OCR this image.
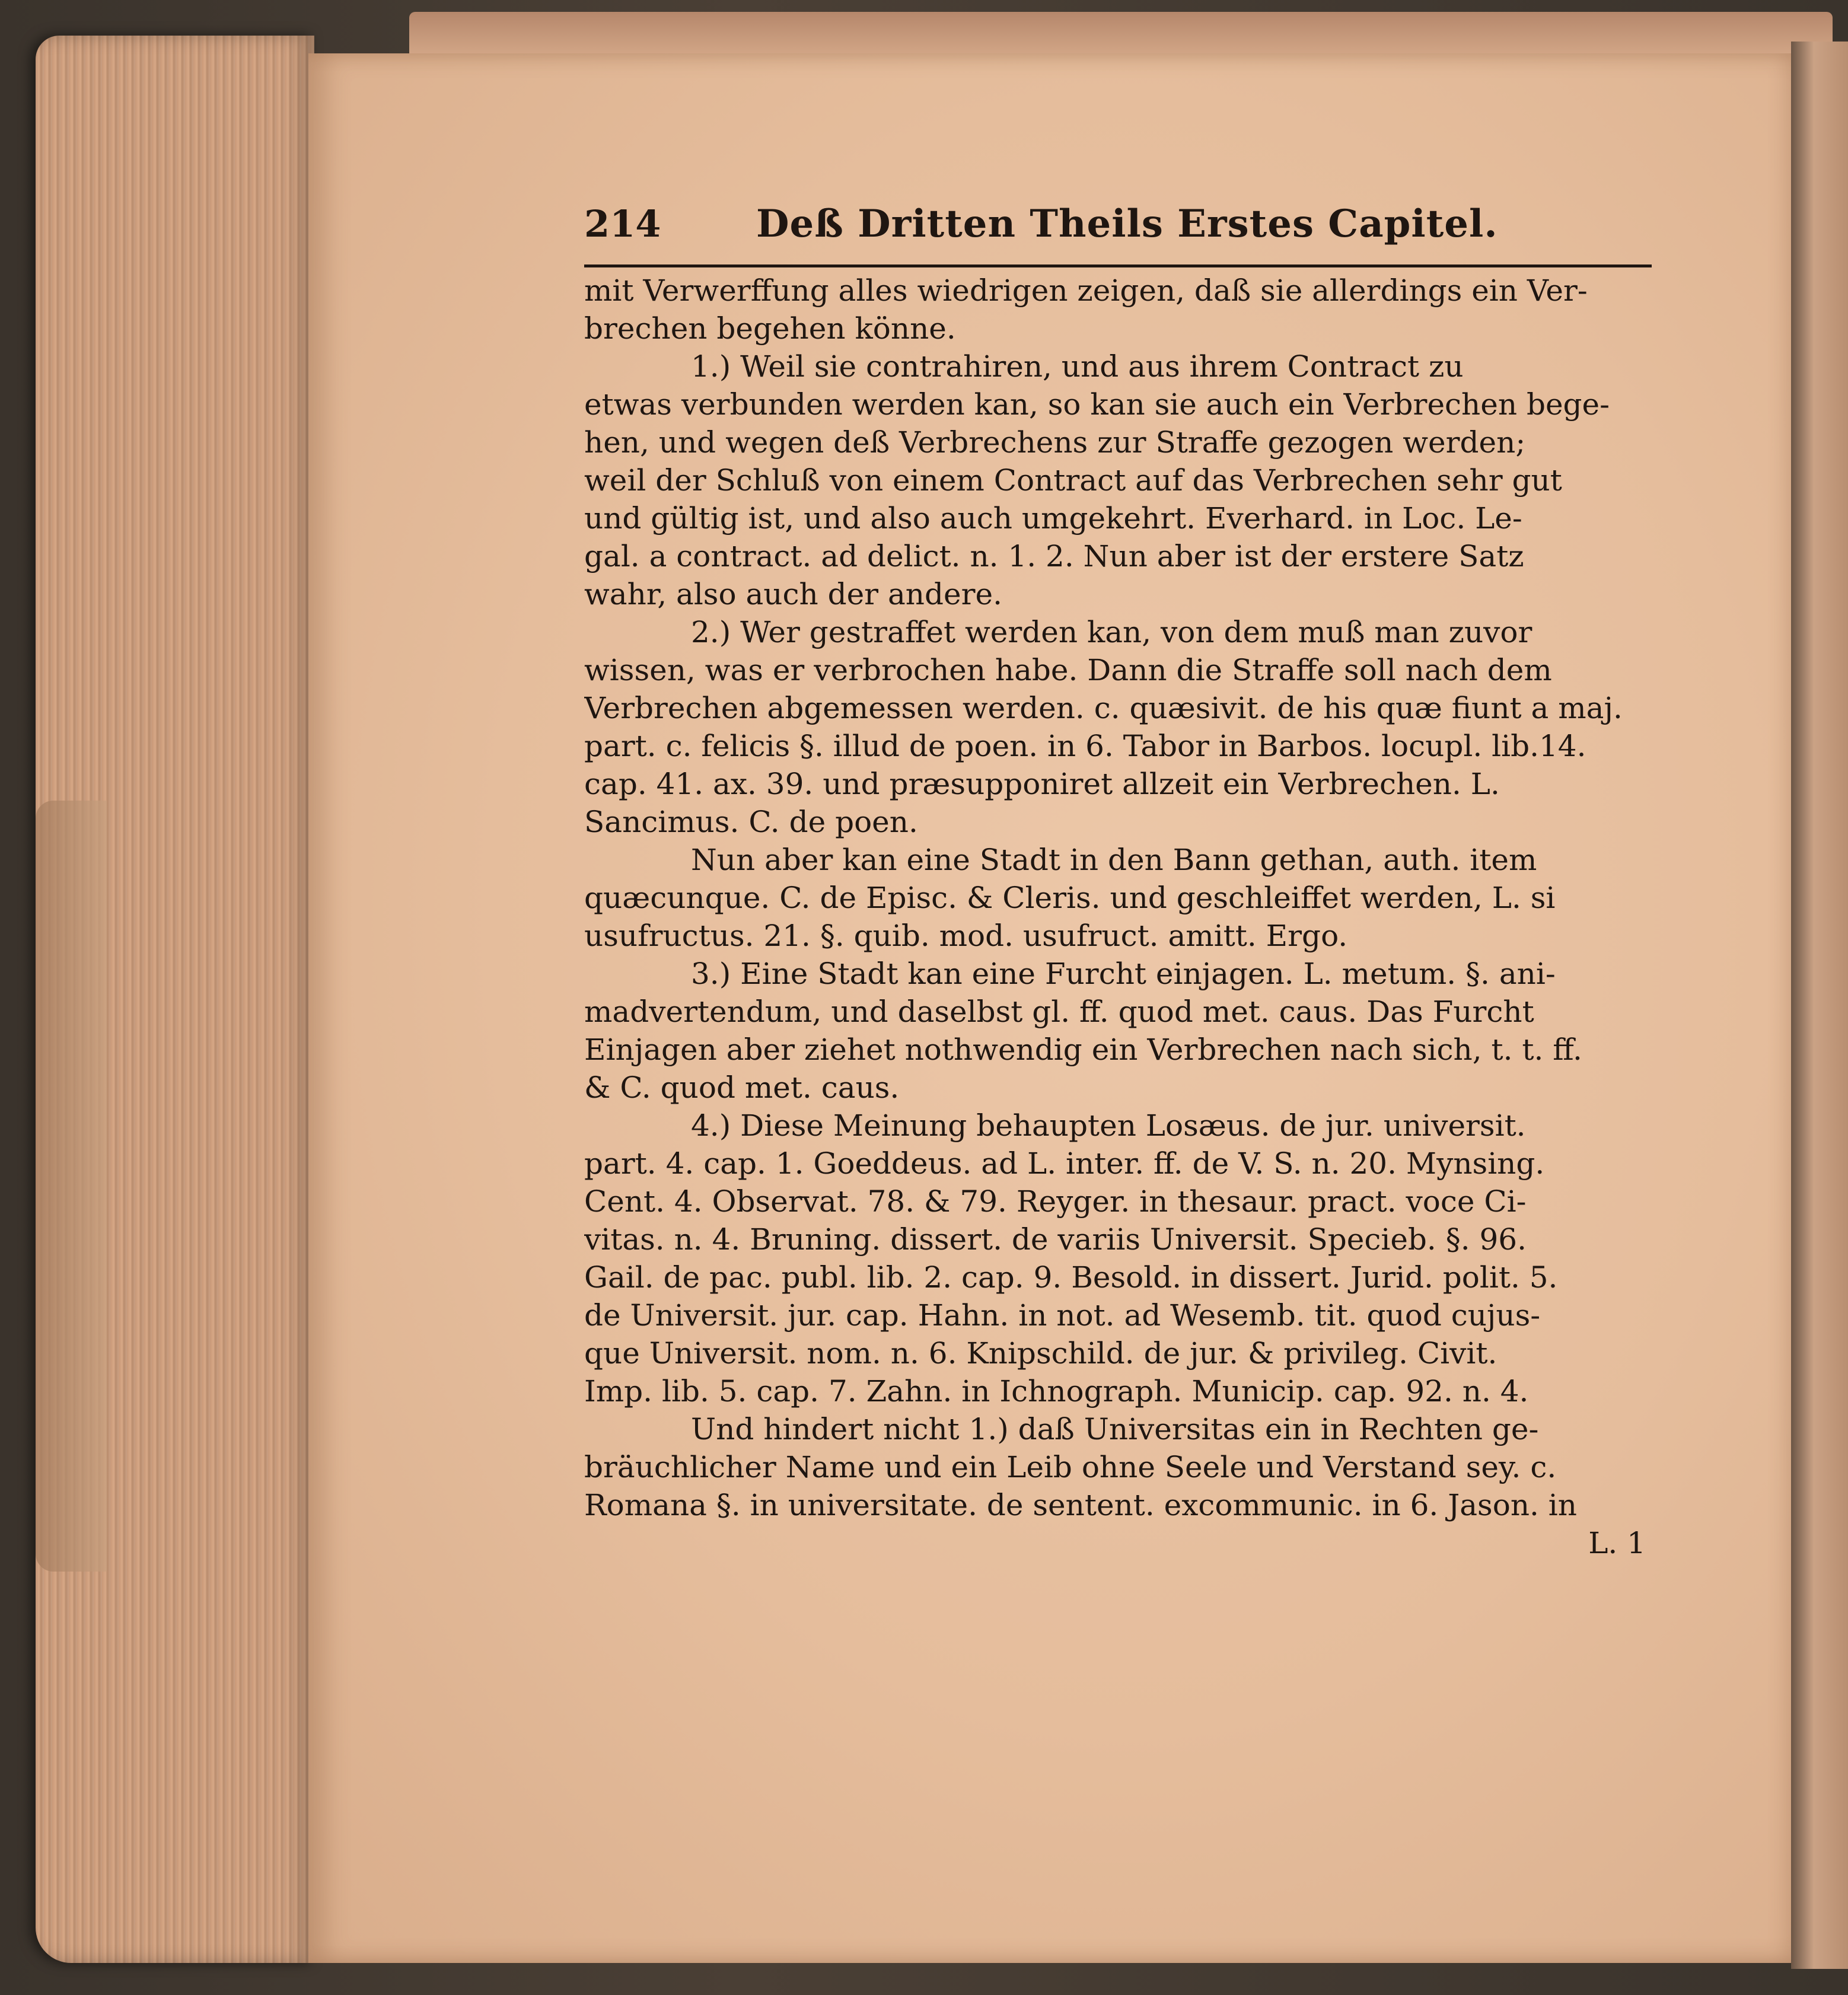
214	Deß Dritten Theils Erstes Capitel.
mit Verwerffung alles wiedrigen zeigen, daß sie allerdings ein Ver-
brechen begehen könne.
1.) Weil sie contrahiren, und aus ihrem Contract zu
etwas verbunden werden kan, so kan sie auch ein Verbrechen bege-
hen, und wegen deß Verbrechens zur Straffe gezogen werden;
weil der Schluß von einem Contract auf das Verbrechen sehr gut
und gültig ist, und also auch umgekehrt. Everhard. in Loc. Le-
gal. a contract. ad delict. n. 1. 2. Nun aber ist der erstere Satz
wahr, also auch der andere.
2.) Wer gestraffet werden kan, von dem muß man zuvor
wissen, was er verbrochen habe. Dann die Straffe soll nach dem
Verbrechen abgemessen werden. c. quæsivit. de his quæ fiunt a maj.
part. c. felicis §. illud de poen. in 6. Tabor in Barbos. locupl. lib.14.
cap. 41. ax. 39. und præsupponiret allzeit ein Verbrechen. L.
Sancimus. C. de poen.
Nun aber kan eine Stadt in den Bann gethan, auth. item
quæcunque. C. de Episc. & Cleris. und geschleiffet werden, L. si
usufructus. 21. §. quib. mod. usufruct. amitt. Ergo.
3.) Eine Stadt kan eine Furcht einjagen. L. metum. §. ani-
madvertendum, und daselbst gl. ff. quod met. caus. Das Furcht
Einjagen aber ziehet nothwendig ein Verbrechen nach sich, t. t. ff.
& C. quod met. caus.
4.) Diese Meinung behaupten Losæus. de jur. universit.
part. 4. cap. 1. Goeddeus. ad L. inter. ff. de V. S. n. 20. Mynsing.
Cent. 4. Observat. 78. & 79. Reyger. in thesaur. pract. voce Ci-
vitas. n. 4. Bruning. dissert. de variis Universit. Specieb. §. 96.
Gail. de pac. publ. lib. 2. cap. 9. Besold. in dissert. Jurid. polit. 5.
de Universit. jur. cap. Hahn. in not. ad Wesemb. tit. quod cujus-
que Universit. nom. n. 6. Knipschild. de jur. & privileg. Civit.
Imp. lib. 5. cap. 7. Zahn. in Ichnograph. Municip. cap. 92. n. 4.
Und hindert nicht 1.) daß Universitas ein in Rechten ge-
bräuchlicher Name und ein Leib ohne Seele und Verstand sey. c.
Romana §. in universitate. de sentent. excommunic. in 6. Jason. in
L. 1
